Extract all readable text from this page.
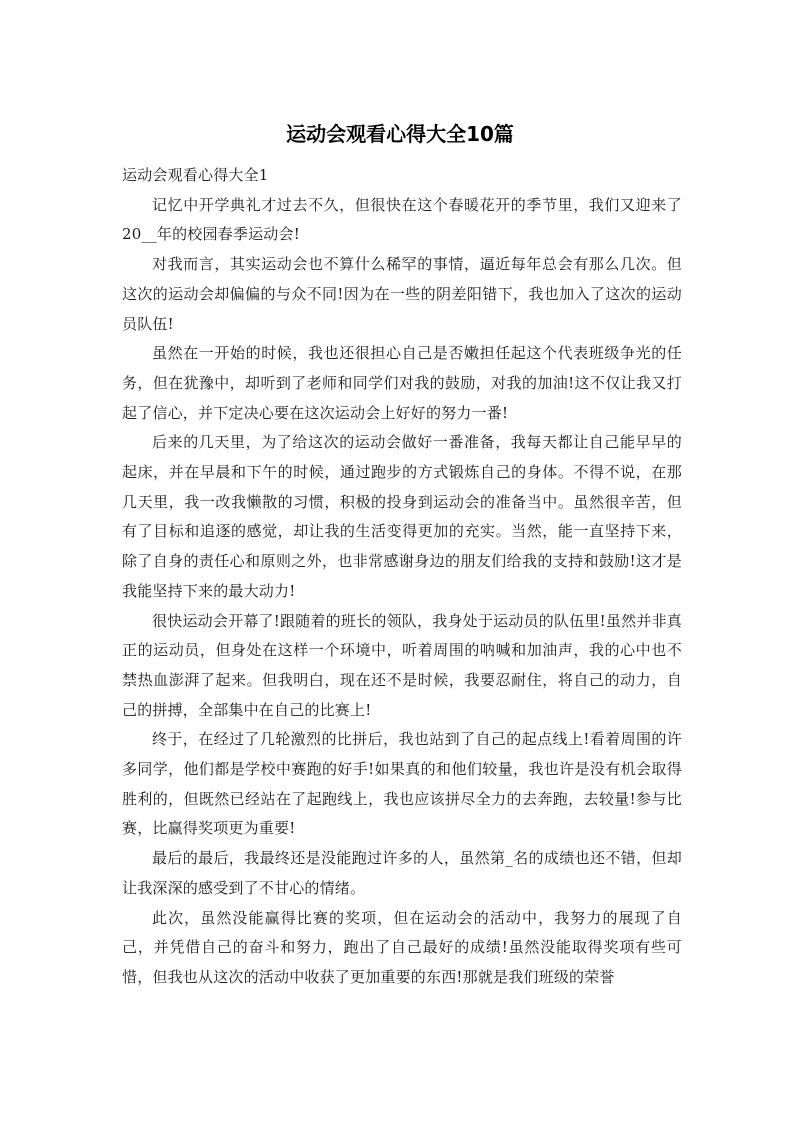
运动会观看心得大全10篇

运动会观看心得大全1

记忆中开学典礼才过去不久，但很快在这个春暖花开的季节里，我们又迎来了20__年的校园春季运动会!

对我而言，其实运动会也不算什么稀罕的事情，逼近每年总会有那么几次。但这次的运动会却偏偏的与众不同!因为在一些的阴差阳错下，我也加入了这次的运动员队伍!

虽然在一开始的时候，我也还很担心自己是否嫩担任起这个代表班级争光的任务，但在犹豫中，却听到了老师和同学们对我的鼓励，对我的加油!这不仅让我又打起了信心，并下定决心要在这次运动会上好好的努力一番!

后来的几天里，为了给这次的运动会做好一番准备，我每天都让自己能早早的起床，并在早晨和下午的时候，通过跑步的方式锻炼自己的身体。不得不说，在那几天里，我一改我懒散的习惯，积极的投身到运动会的准备当中。虽然很辛苦，但有了目标和追逐的感觉，却让我的生活变得更加的充实。当然，能一直坚持下来，除了自身的责任心和原则之外，也非常感谢身边的朋友们给我的支持和鼓励!这才是我能坚持下来的最大动力!

很快运动会开幕了!跟随着的班长的领队，我身处于运动员的队伍里!虽然并非真正的运动员，但身处在这样一个环境中，听着周围的呐喊和加油声，我的心中也不禁热血澎湃了起来。但我明白，现在还不是时候，我要忍耐住，将自己的动力，自己的拼搏，全部集中在自己的比赛上!

终于，在经过了几轮激烈的比拼后，我也站到了自己的起点线上!看着周围的许多同学，他们都是学校中赛跑的好手!如果真的和他们较量，我也许是没有机会取得胜利的，但既然已经站在了起跑线上，我也应该拼尽全力的去奔跑，去较量!参与比赛，比赢得奖项更为重要!

最后的最后，我最终还是没能跑过许多的人，虽然第_名的成绩也还不错，但却让我深深的感受到了不甘心的情绪。

此次，虽然没能赢得比赛的奖项，但在运动会的活动中，我努力的展现了自己，并凭借自己的奋斗和努力，跑出了自己最好的成绩!虽然没能取得奖项有些可惜，但我也从这次的活动中收获了更加重要的东西!那就是我们班级的荣誉
